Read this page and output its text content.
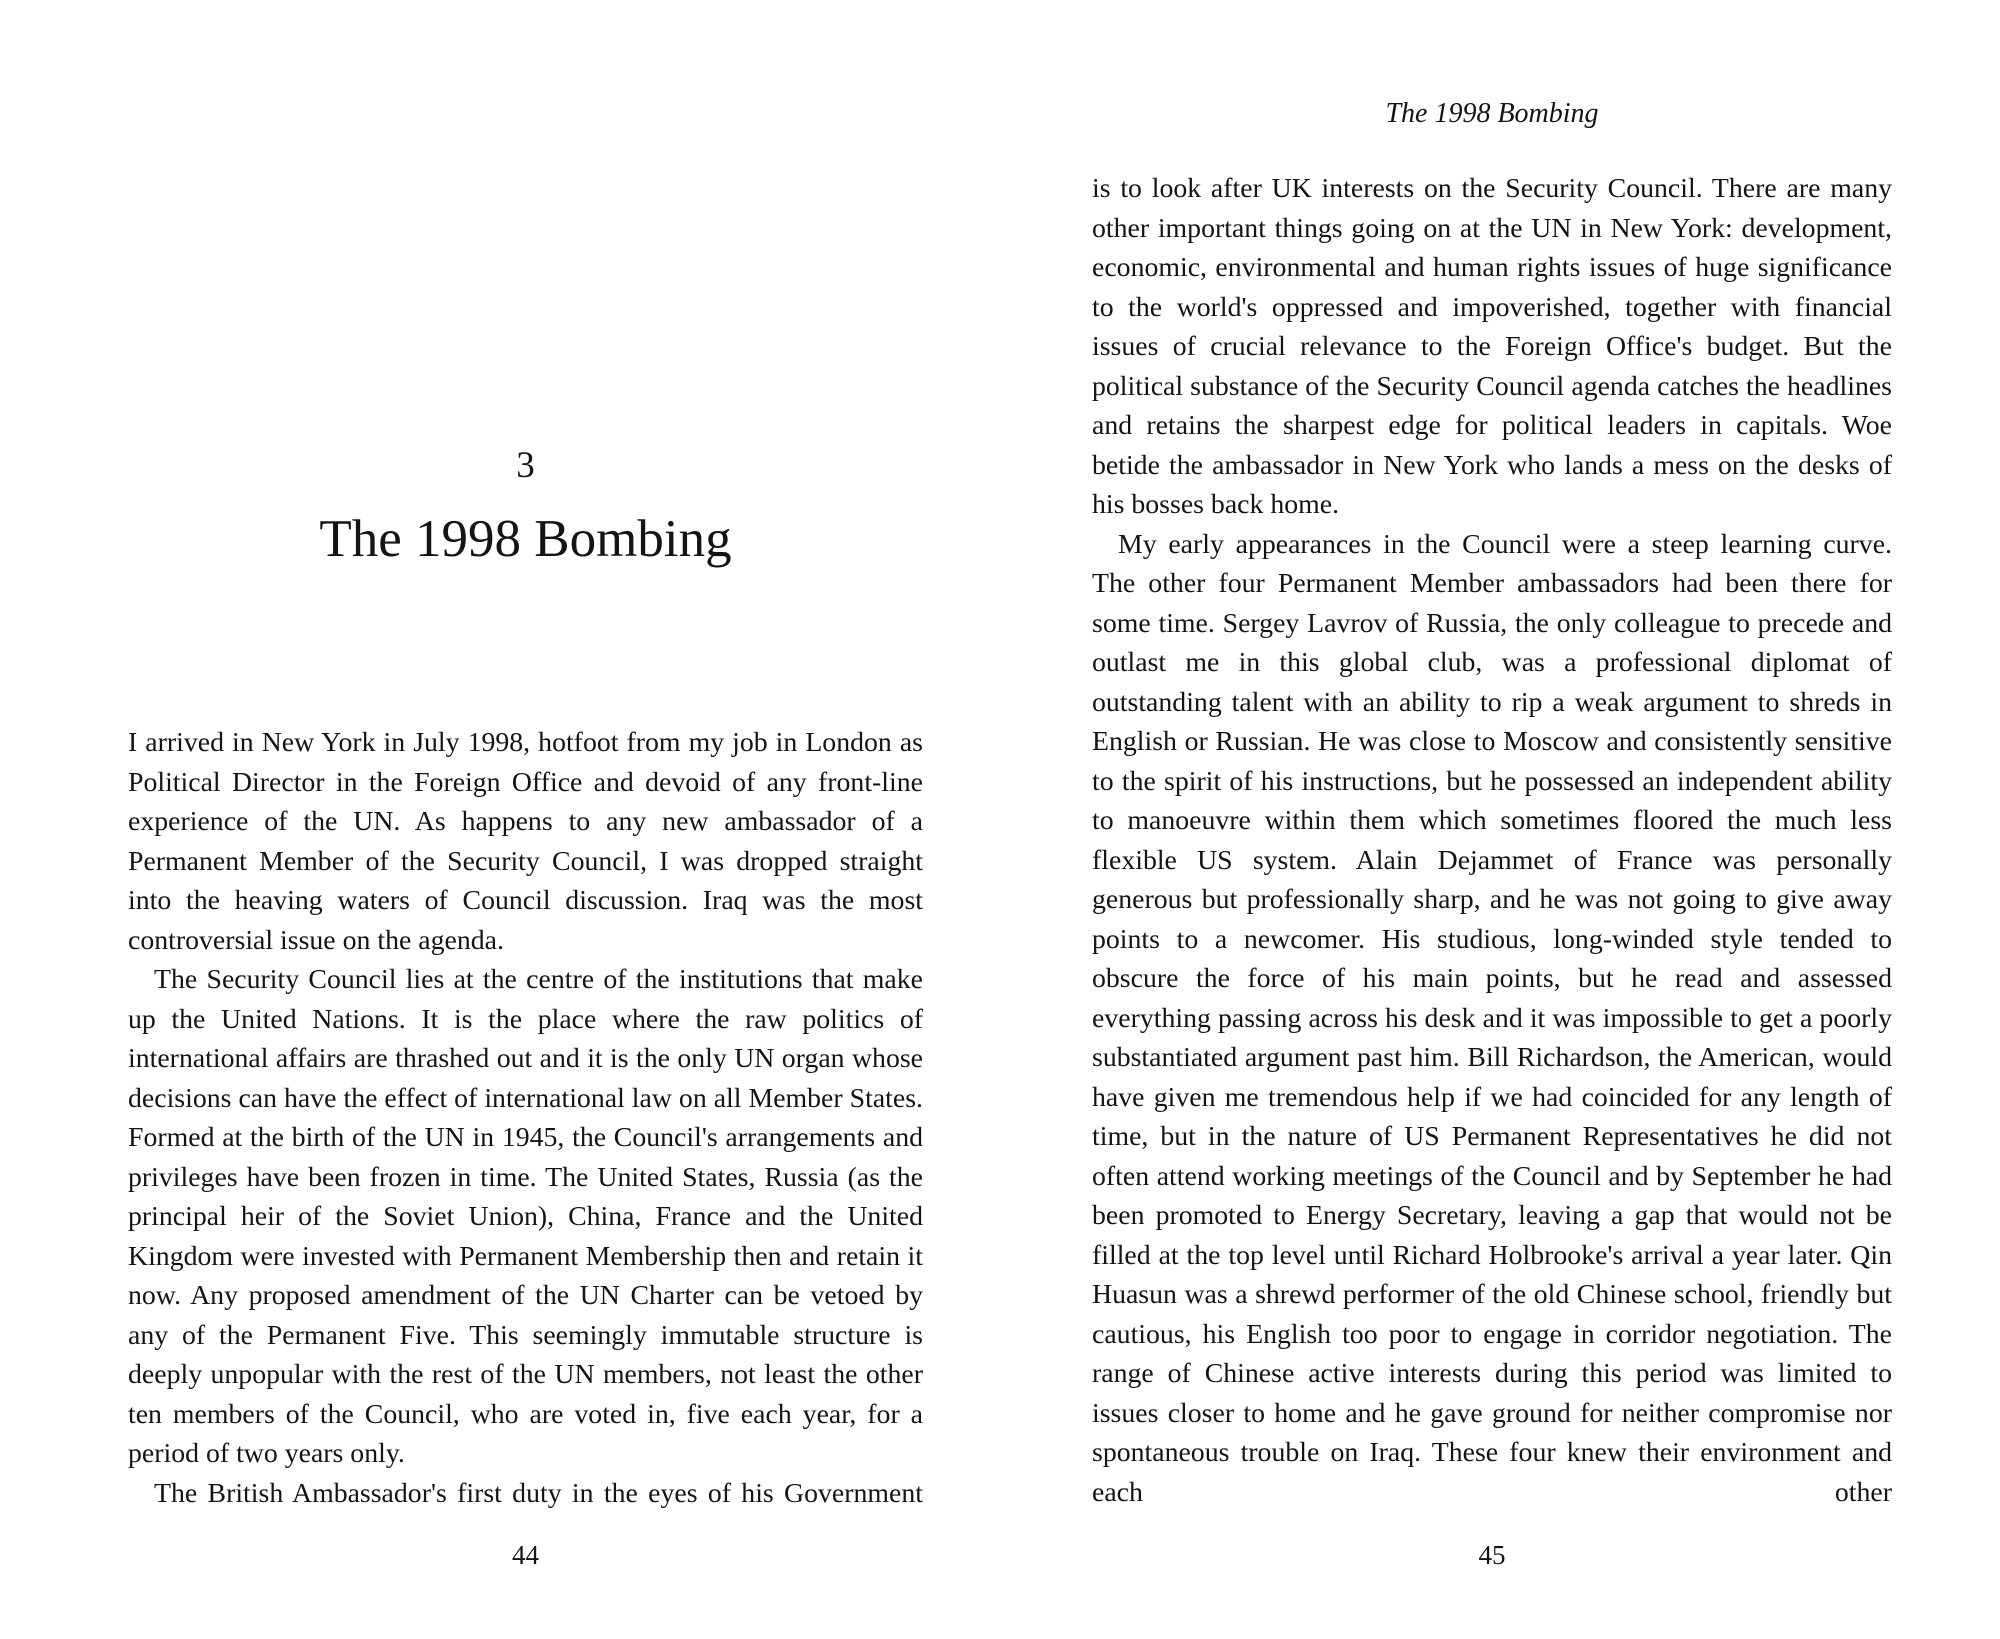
3
The 1998 Bombing

I arrived in New York in July 1998, hotfoot from my job in London as Political Director in the Foreign Office and devoid of any front-line experience of the UN. As happens to any new ambassador of a Permanent Member of the Security Council, I was dropped straight into the heaving waters of Council discussion. Iraq was the most controversial issue on the agenda.

The Security Council lies at the centre of the institutions that make up the United Nations. It is the place where the raw politics of international affairs are thrashed out and it is the only UN organ whose decisions can have the effect of international law on all Member States. Formed at the birth of the UN in 1945, the Council's arrangements and privileges have been frozen in time. The United States, Russia (as the principal heir of the Soviet Union), China, France and the United Kingdom were invested with Permanent Membership then and retain it now. Any proposed amendment of the UN Charter can be vetoed by any of the Permanent Five. This seemingly immutable structure is deeply unpopular with the rest of the UN members, not least the other ten members of the Council, who are voted in, five each year, for a period of two years only.

The British Ambassador's first duty in the eyes of his Government

44
The 1998 Bombing

is to look after UK interests on the Security Council. There are many other important things going on at the UN in New York: development, economic, environmental and human rights issues of huge significance to the world's oppressed and impoverished, together with financial issues of crucial relevance to the Foreign Office's budget. But the political substance of the Security Council agenda catches the headlines and retains the sharpest edge for political leaders in capitals. Woe betide the ambassador in New York who lands a mess on the desks of his bosses back home.

My early appearances in the Council were a steep learning curve. The other four Permanent Member ambassadors had been there for some time. Sergey Lavrov of Russia, the only colleague to precede and outlast me in this global club, was a professional diplomat of outstanding talent with an ability to rip a weak argument to shreds in English or Russian. He was close to Moscow and consistently sensitive to the spirit of his instructions, but he possessed an independent ability to manoeuvre within them which sometimes floored the much less flexible US system. Alain Dejammet of France was personally generous but professionally sharp, and he was not going to give away points to a newcomer. His studious, long-winded style tended to obscure the force of his main points, but he read and assessed everything passing across his desk and it was impossible to get a poorly substantiated argument past him. Bill Richardson, the American, would have given me tremendous help if we had coincided for any length of time, but in the nature of US Permanent Representatives he did not often attend working meetings of the Council and by September he had been promoted to Energy Secretary, leaving a gap that would not be filled at the top level until Richard Holbrooke's arrival a year later. Qin Huasun was a shrewd performer of the old Chinese school, friendly but cautious, his English too poor to engage in corridor negotiation. The range of Chinese active interests during this period was limited to issues closer to home and he gave ground for neither compromise nor spontaneous trouble on Iraq. These four knew their environment and each other

45
